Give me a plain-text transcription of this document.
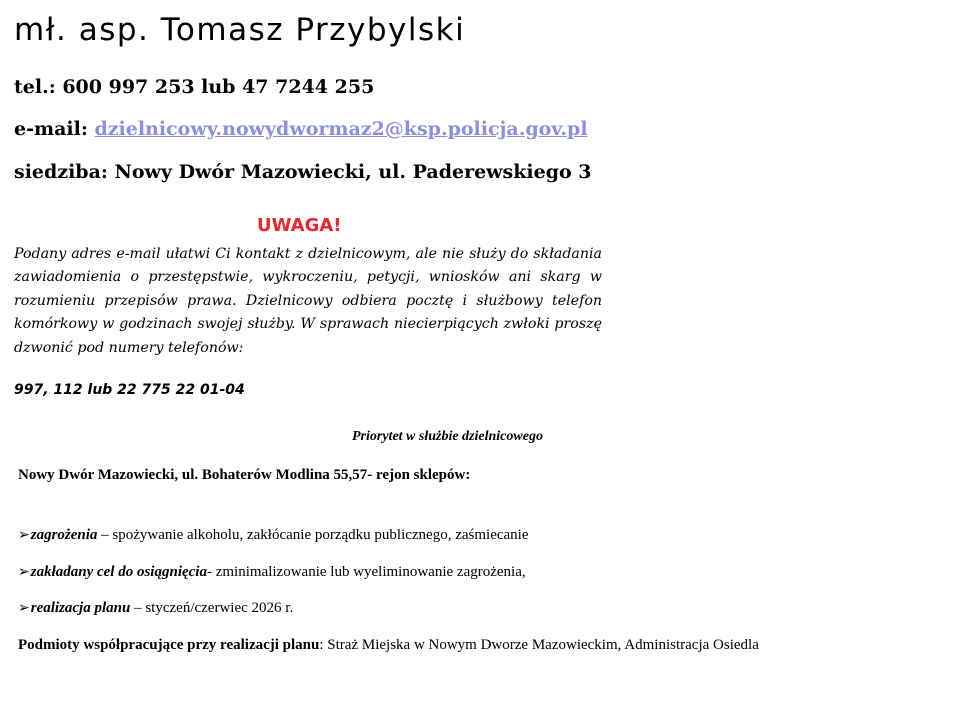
mł. asp. Tomasz Przybylski
tel.: 600 997 253 lub 47 7244 255
e-mail: dzielnicowy.nowydwormaz2@ksp.policja.gov.pl
siedziba: Nowy Dwór Mazowiecki, ul. Paderewskiego 3
UWAGA!

Podany adres e-mail ułatwi Ci kontakt z dzielnicowym, ale nie służy do składania zawiadomienia o przestępstwie, wykroczeniu, petycji, wniosków ani skarg w rozumieniu przepisów prawa. Dzielnicowy odbiera pocztę i służbowy telefon komórkowy w godzinach swojej służby. W sprawach niecierpiących zwłoki proszę dzwonić pod numery telefonów:

997, 112 lub 22 775 22 01-04

Priorytet w służbie dzielnicowego

Nowy Dwór Mazowiecki, ul. Bohaterów Modlina 55,57- rejon sklepów:

➢zagrożenia – spożywanie alkoholu, zakłócanie porządku publicznego, zaśmiecanie

➢zakładany cel do osiągnięcia- zminimalizowanie lub wyeliminowanie zagrożenia,

➢realizacja planu – styczeń/czerwiec 2026 r.

Podmioty współpracujące przy realizacji planu: Straż Miejska w Nowym Dworze Mazowieckim, Administracja Osiedla
